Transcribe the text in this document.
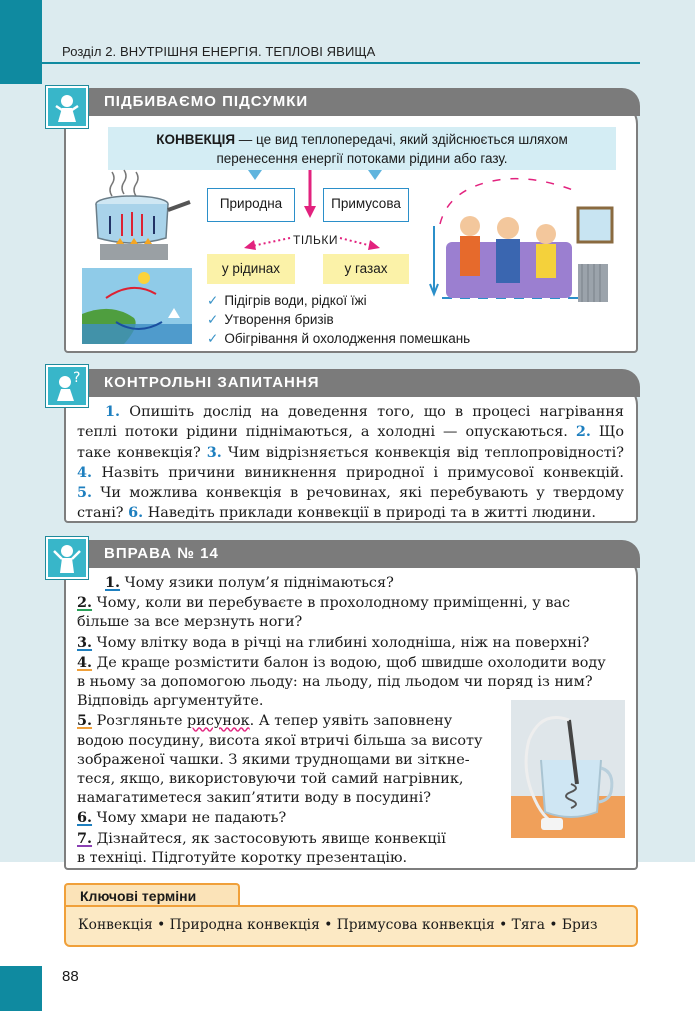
Розділ 2. ВНУТРІШНЯ ЕНЕРГІЯ. ТЕПЛОВІ ЯВИЩА
ПІДБИВАЄМО ПІДСУМКИ
КОНВЕКЦІЯ — це вид теплопередачі, який здійснюється шляхом
перенесення енергії потоками рідини або газу.
Природна	Примусова
ТІЛЬКИ
у рідинах	у газах
✓ Підігрів води, рідкої їжі
✓ Утворення бризів
✓ Обігрівання й охолодження помешкань
КОНТРОЛЬНІ ЗАПИТАННЯ
?
1. Опишіть дослід на доведення того, що в процесі нагрівання
теплі потоки рідини піднімаються, а холодні — опускаються. 2. Що
таке конвекція? 3. Чим відрізняється конвекція від теплопровідності?
4. Назвіть причини виникнення природної і примусової конвекцій.
5. Чи можлива конвекція в речовинах, які перебувають у твердому
стані? 6. Наведіть приклади конвекції в природі та в житті людини.
ВПРАВА № 14

1. Чому язики полум’я піднімаються?

2. Чому, коли ви перебуваєте в прохолодному приміщенні, у вас
більше за все мерзнуть ноги?

3. Чому влітку вода в річці на глибині холодніша, ніж на поверхні?

4. Де краще розмістити балон із водою, щоб швидше охолодити воду
в ньому за допомогою льоду: на льоду, під льодом чи поряд із ним?
Відповідь аргументуйте.

5. Розгляньте рисунок. А тепер уявіть заповнену
водою посудину, висота якої втричі більша за висоту
зображеної чашки. З якими труднощами ви зіткне-
теся, якщо, використовуючи той самий нагрівник,
намагатиметеся закип’ятити воду в посудині?

6. Чому хмари не падають?

7. Дізнайтеся, як застосовують явище конвекції
в техніці. Підготуйте коротку презентацію.

Ключові терміни
Конвекція • Природна конвекція • Примусова конвекція • Тяга • Бриз
88
